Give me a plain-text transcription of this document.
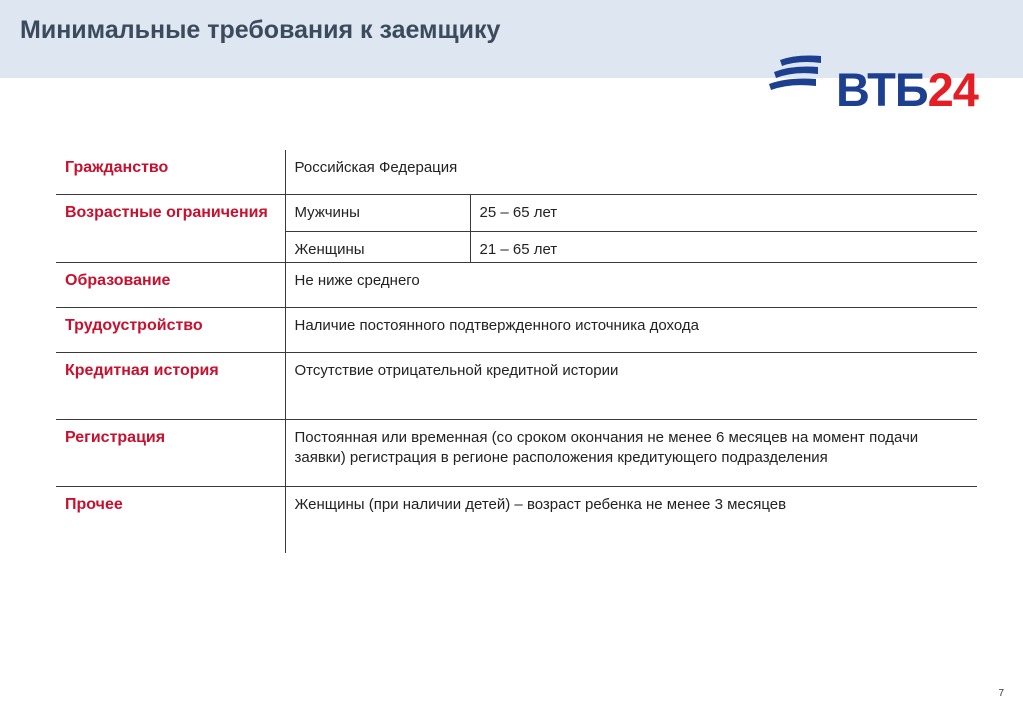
Минимальные требования к заемщику
ВТБ24
Гражданство	Российская Федерация	
Возрастные ограничения	Мужчины	25 – 65 лет
	Женщины	21 – 65 лет
Образование	Не ниже среднего	
Трудоустройство	Наличие постоянного подтвержденного источника дохода	
Кредитная история	Отсутствие отрицательной кредитной истории	
Регистрация	Постоянная или временная (со сроком окончания не менее 6 месяцев на момент подачи заявки) регистрация в регионе расположения кредитующего подразделения	
Прочее	Женщины (при наличии детей) – возраст ребенка не менее 3 месяцев	
7
